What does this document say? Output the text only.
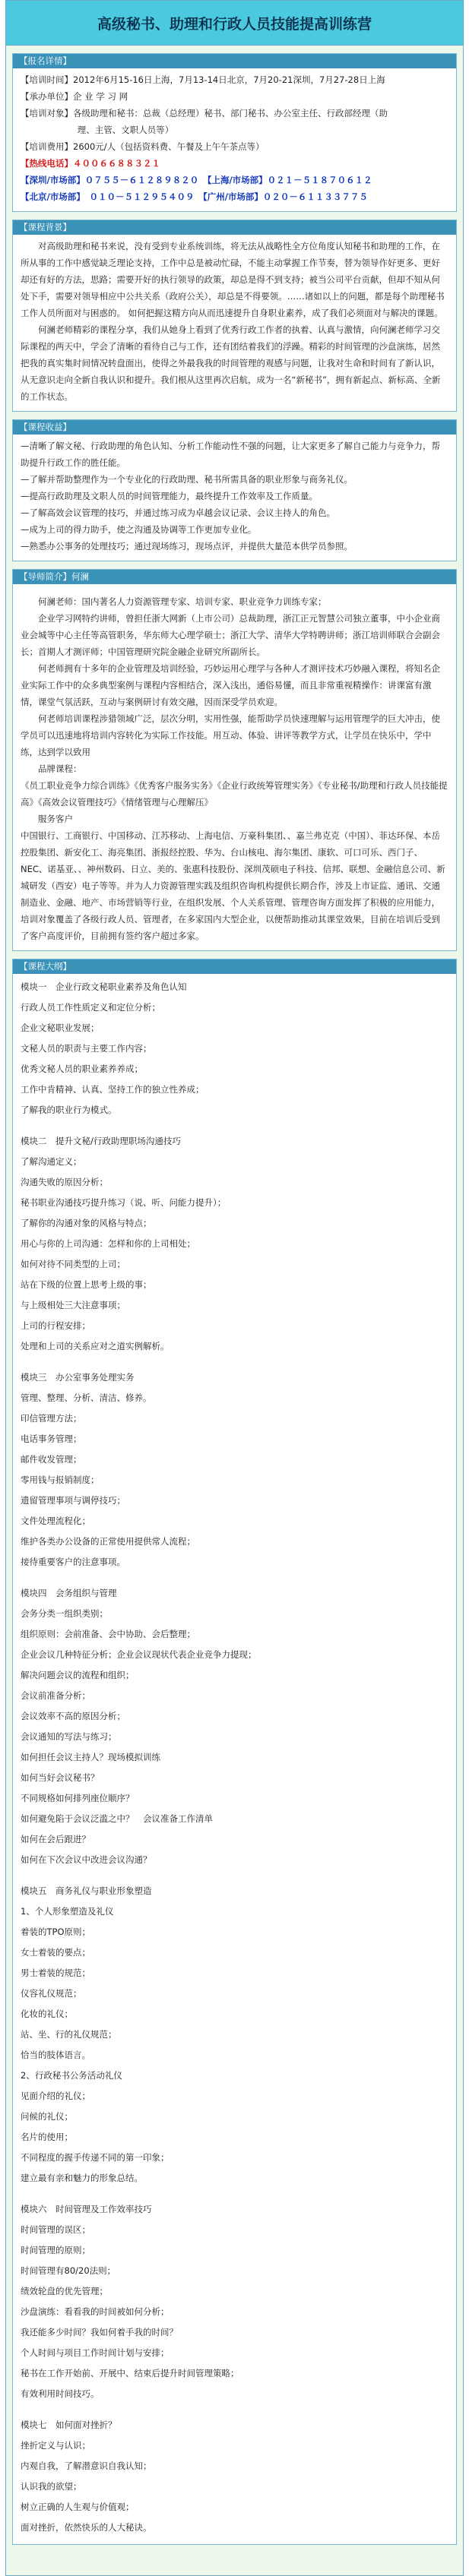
高级秘书、助理和行政人员技能提高训练营
【报名详情】
【培训时间】2012年6月15-16日上海，7月13-14日北京，7月20-21深圳，7月27-28日上海
【承办单位】企 业 学 习 网
【培训对象】各级助理和秘书：总裁（总经理）秘书、部门秘书、办公室主任、行政部经理（助
理、主管、文职人员等）
【培训费用】2600元/人（包括资料费、午餐及上午午茶点等）
【热线电话】４００６６８８３２１
【深圳/市场部】０７５５－６１２８９８２０　【上海/市场部】０２１－５１８７０６１２
【北京/市场部】　０１０－５１２９５４０９　【广州/市场部】０２０－６１１３３７７５
【课程背景】

对高级助理和秘书来说，没有受到专业系统训练，将无法从战略性全方位角度认知秘书和助理的工作，在所从事的工作中感觉缺乏理论支持，工作中总是被动忙碌，不能主动掌握工作节奏，替为领导作好更多、更好却还有好的方法，思路；需要开好的执行领导的政策，却总是得不到支持；被当公司平台贡献，但却不知从何处下手，需要对领导相应中公共关系（政府公关），却总是不得要领。……诸如以上的问题，都是每个助理秘书工作人员所面对与困惑的。 如何把握这精方向从而迅速提升自身职业素养，成了我们必须面对与解决的课题。

何澜老师精彩的课程分享，我们从她身上看到了优秀行政工作者的执着、认真与激情，向何澜老师学习交际课程的两天中，学会了清晰的看待自己与工作，还有团结着我们的浮躁。精彩的时间管理的沙盘演练，居然把我的真实集时间情况转盘面出，使得之外最我我的时间管理的观感与问题，让我对生命和时间有了新认识，从无意识走向全新自我认识和提升。我们根从这里再次启航，成为一名“新秘书”，拥有新起点、新标高、全新的工作状态。

【课程收益】
—清晰了解文秘、行政助理的角色认知、分析工作能动性不强的问题，让大家更多了解自己能力与竞争力，帮助提升行政工作的胜任能。
—了解并帮助整理作为一个专业化的行政助理、秘书所需具备的职业形象与商务礼仪。
—提高行政助理及文职人员的时间管理能力，最终提升工作效率及工作质量。
—了解高效会议管理的技巧，并通过练习成为卓越会议记录、会议主持人的角色。
—成为上司的得力助手，使之沟通及协调等工作更加专业化。
—熟悉办公事务的处理技巧；通过现场练习，现场点评，并提供大量范本供学员参照。
【导师简介】何澜

何澜老师：国内著名人力资源管理专家、培训专家、职业竞争力训练专家；

企业学习网特约讲师，曾担任浙大网新（上市公司）总裁助理，浙江正元智慧公司独立董事，中小企业商业会城等中心主任等高管职务，华东师大心理学硕士；浙江大学、清华大学特聘讲师；浙江培训师联合会副会长；首期人才测评师；中国管理研究院金融企业研究所副所长。

何老师拥有十多年的企业管理及培训经验，巧妙运用心理学与各种人才测评技术巧妙融入课程，将知名企业实际工作中的众多典型案例与课程内容相结合，深入浅出，通俗易懂，而且非常重视精操作：讲课富有激情，课堂气氛活跃，互动与案例研讨有效交融，因而深受学员欢迎。

何老师培训课程涉猎领域广泛，层次分明，实用性强，能帮助学员快速理解与运用管理学的巨大冲击，使学员可以迅速地将培训内容转化为实际工作技能。用互动、体验、讲评等教学方式，让学员在快乐中，学中练，达到学以致用

品牌课程：

《员工职业竞争力综合训练》《优秀客户服务实务》《企业行政统筹管理实务》《专业秘书/助理和行政人员技能提高》《高效会议管理技巧》《情绪管理与心理解压》

服务客户

中国银行、工商银行、中国移动、江苏移动、上海电信、万豪科集团、、嘉兰弗克克（中国）、菲达环保、本岳控股集团、新安化工、海亮集团、浙报经控股、华为、台山核电、海尔集团、康软、可口可乐、西门子、NEC、诺基亚、、神州数码、日立、美的、张惠科技股份、深圳茂硕电子科技、信邦、联想、金融信息公司、新城研发（西安）电子等等。并为人力资源管理实践及组织咨询机构提供长期合作，涉及上市证监、通讯、交通制造业、金融、地产、市场营销等行业，在组织发展、个人关系管理、管理咨询方面发挥了积极的应用能力，培训对象覆盖了各级行政人员、管理者，在多家国内大型企业，以便帮助推动其课堂效果，目前在培训后受到了客户高度评价，目前拥有签约客户超过多家。

【课程大纲】
模块一　企业行政文秘职业素养及角色认知
行政人员工作性质定义和定位分析；
企业文秘职业发展；
文秘人员的职责与主要工作内容；
优秀文秘人员的职业素养养成；
工作中肯精神、认真、坚持工作的独立性养成；
了解我的职业行为模式。
模块二　提升文秘/行政助理职场沟通技巧
了解沟通定义；
沟通失败的原因分析；
秘书职业沟通技巧提升练习（说、听、问能力提升）；
了解你的沟通对象的风格与特点；
用心与你的上司沟通：怎样和你的上司相处；
如何对待不同类型的上司；
站在下级的位置上思考上级的事；
与上级相处三大注意事项；
上司的行程安排；
处理和上司的关系应对之道实例解析。
模块三　办公室事务处理实务
管理、整理、分析、清洁、修养。
印信管理方法；
电话事务管理；
邮件收发管理；
零用钱与报销制度；
遗留管理事项与调停技巧；
文件处理流程化；
维护各类办公设备的正常使用提供常人流程；
接待重要客户的注意事项。
模块四　会务组织与管理
会务分类一组织类别；
组织原则：会前准备、会中协助、会后整理；
企业会议几种特征分析；企业会议现状代表企业竞争力提现；
解决问题会议的流程和组织；
会议前准备分析；
会议效率不高的原因分析；
会议通知的写法与练习；
如何担任会议主持人？现场模拟训练
如何当好会议秘书？
不同规格如何排列座位顺序？
如何避免陷于会议泛滥之中？　会议准备工作清单
如何在会后跟进？
如何在下次会议中改进会议沟通？
模块五　商务礼仪与职业形象塑造
1、个人形象塑造及礼仪
着装的TPO原则；
女士着装的要点；
男士着装的规范；
仪容礼仪规范；
化妆的礼仪；
站、坐、行的礼仪规范；
恰当的肢体语言。
2、行政秘书公务活动礼仪
见面介绍的礼仪；
问候的礼仪；
名片的使用；
不同程度的握手传递不同的第一印象；
建立最有亲和魅力的形象总结。
模块六　时间管理及工作效率技巧
时间管理的误区；
时间管理的原则；
时间管理有80/20法则；
绩效轮盘的优先管理；
沙盘演练：看看我的时间被如何分析；
我还能多少时间？我如何着手我的时间？
个人时间与项目工作时间计划与安排；
秘书在工作开始前、开展中、结束后提升时间管理策略；
有效利用时间技巧。
模块七　如何面对挫折？
挫折定义与认识；
内观自我，了解潜意识自我认知；
认识我的欲望；
树立正确的人生观与价值观；
面对挫折，依然快乐的人大秘诀。
